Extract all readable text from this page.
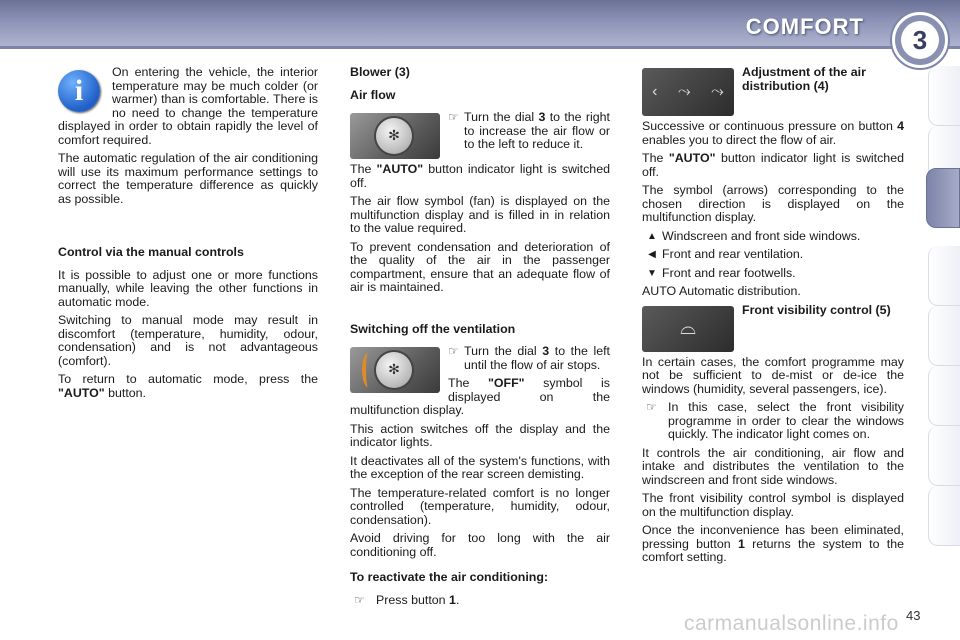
COMFORT	3
i

On entering the vehicle, the interior temperature may be much colder (or warmer) than is comfortable. There is no need to change the temperature displayed in order to obtain rapidly the level of comfort required.

The automatic regulation of the air conditioning will use its maximum performance settings to correct the temperature difference as quickly as possible.

Control via the manual controls

It is possible to adjust one or more functions manually, while leaving the other functions in automatic mode.

Switching to manual mode may result in discomfort (temperature, humidity, odour, condensation) and is not advantageous (comfort).

To return to automatic mode, press the "AUTO" button.

Blower (3)
Air flow
✻
☞ Turn the dial 3 to the right to increase the air flow or to the left to reduce it.

The "AUTO" button indicator light is switched off.

The air flow symbol (fan) is displayed on the multifunction display and is filled in in relation to the value required.

To prevent condensation and deterioration of the quality of the air in the passenger compartment, ensure that an adequate flow of air is maintained.

Switching off the ventilation
✻
☞ Turn the dial 3 to the left until the flow of air stops.

The "OFF" symbol is displayed on the multifunction display.

This action switches off the display and the indicator lights.

It deactivates all of the system's functions, with the exception of the rear screen demisting.

The temperature-related comfort is no longer controlled (temperature, humidity, odour, condensation).

Avoid driving for too long with the air conditioning off.

To reactivate the air conditioning:
☞ Press button 1.
‹ ⤳ ⤳
Adjustment of the air distribution (4)

Successive or continuous pressure on button 4 enables you to direct the flow of air.

The "AUTO" button indicator light is switched off.

The symbol (arrows) corresponding to the chosen direction is displayed on the multifunction display.

▲ Windscreen and front side windows.
◀ Front and rear ventilation.
▼ Front and rear footwells.
AUTO Automatic distribution.
⌓
Front visibility control (5)

In certain cases, the comfort programme may not be sufficient to de-mist or de-ice the windows (humidity, several passengers, ice).

☞ In this case, select the front visibility programme in order to clear the windows quickly. The indicator light comes on.

It controls the air conditioning, air flow and intake and distributes the ventilation to the windscreen and front side windows.

The front visibility control symbol is displayed on the multifunction display.

Once the inconvenience has been eliminated, pressing button 1 returns the system to the comfort setting.

carmanualsonline.info 43
